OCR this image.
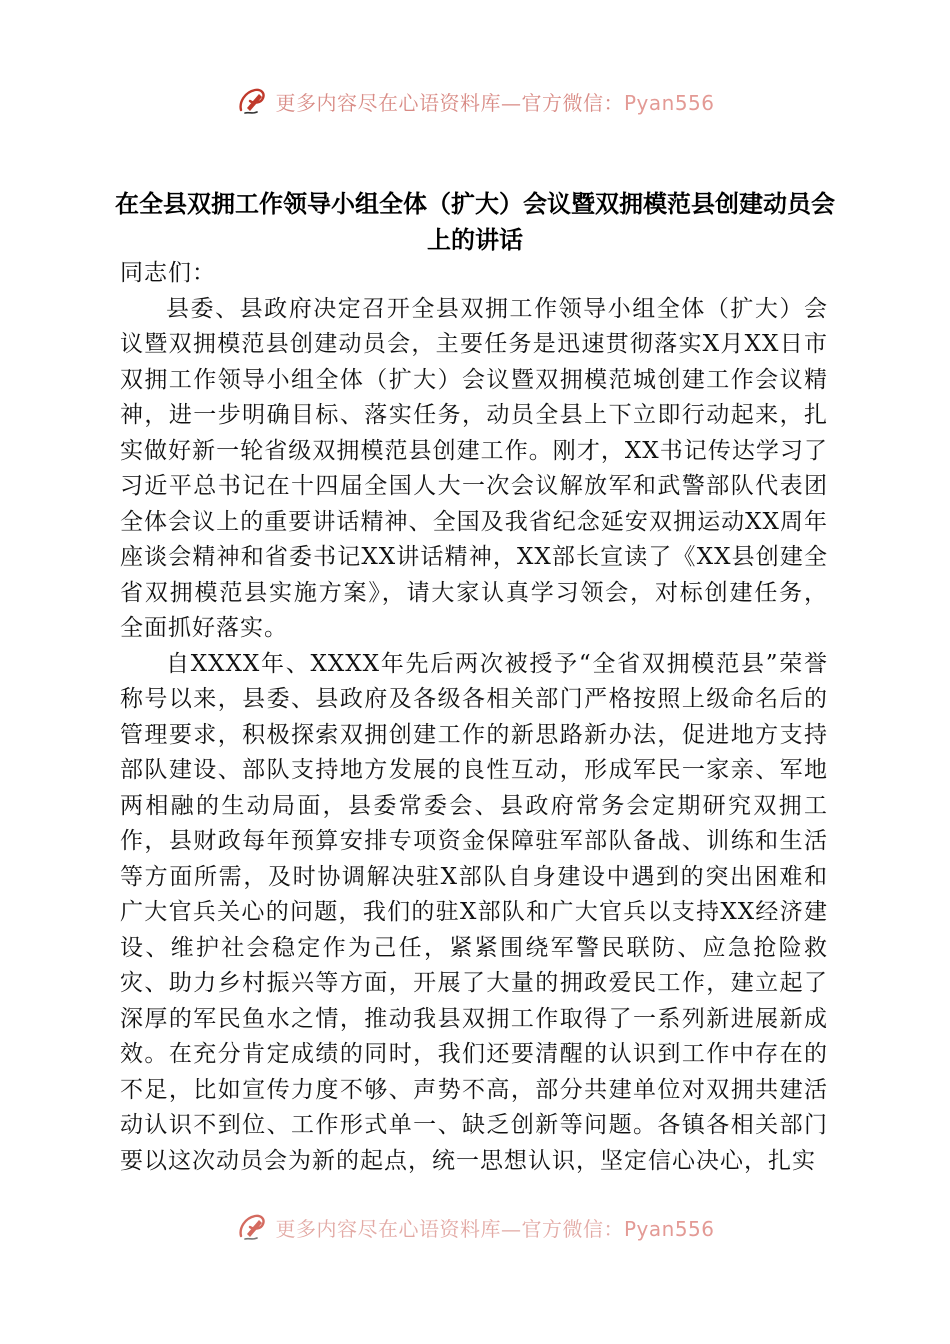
更多内容尽在心语资料库—官方微信：Pyan556
在全县双拥工作领导小组全体（扩大）会议暨双拥模范县创建动员会上的讲话

同志们：

县委、县政府决定召开全县双拥工作领导小组全体（扩大）会议暨双拥模范县创建动员会，主要任务是迅速贯彻落实X月XX日市双拥工作领导小组全体（扩大）会议暨双拥模范城创建工作会议精神，进一步明确目标、落实任务，动员全县上下立即行动起来，扎实做好新一轮省级双拥模范县创建工作。刚才，XX书记传达学习了习近平总书记在十四届全国人大一次会议解放军和武警部队代表团全体会议上的重要讲话精神、全国及我省纪念延安双拥运动XX周年座谈会精神和省委书记XX讲话精神，XX部长宣读了《XX县创建全省双拥模范县实施方案》，请大家认真学习领会，对标创建任务，全面抓好落实。

自XXXX年、XXXX年先后两次被授予“全省双拥模范县”荣誉称号以来，县委、县政府及各级各相关部门严格按照上级命名后的管理要求，积极探索双拥创建工作的新思路新办法，促进地方支持部队建设、部队支持地方发展的良性互动，形成军民一家亲、军地两相融的生动局面，县委常委会、县政府常务会定期研究双拥工作，县财政每年预算安排专项资金保障驻军部队备战、训练和生活等方面所需，及时协调解决驻X部队自身建设中遇到的突出困难和广大官兵关心的问题，我们的驻X部队和广大官兵以支持XX经济建设、维护社会稳定作为己任，紧紧围绕军警民联防、应急抢险救灾、助力乡村振兴等方面，开展了大量的拥政爱民工作，建立起了深厚的军民鱼水之情，推动我县双拥工作取得了一系列新进展新成效。在充分肯定成绩的同时，我们还要清醒的认识到工作中存在的不足，比如宣传力度不够、声势不高，部分共建单位对双拥共建活动认识不到位、工作形式单一、缺乏创新等问题。各镇各相关部门要以这次动员会为新的起点，统一思想认识，坚定信心决心，扎实

更多内容尽在心语资料库—官方微信：Pyan556
